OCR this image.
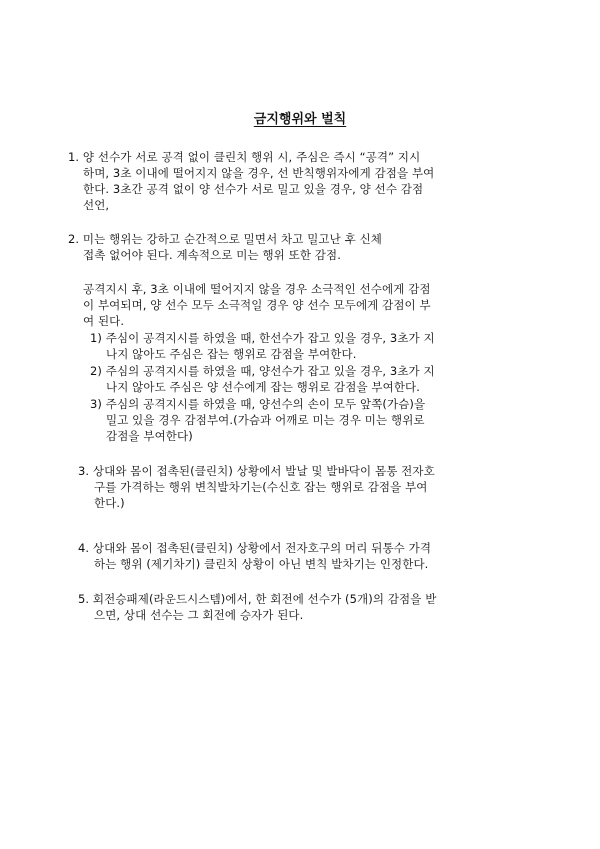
금지행위와 벌칙
1. 양 선수가 서로 공격 없이 클린치 행위 시, 주심은 즉시 “공격” 지시
하며, 3초 이내에 떨어지지 않을 경우, 선 반칙행위자에게 감점을 부여
한다. 3초간 공격 없이 양 선수가 서로 밀고 있을 경우, 양 선수 감점
선언,
2. 미는 행위는 강하고 순간적으로 밀면서 차고 밀고난 후 신체
접촉 없어야 된다. 계속적으로 미는 행위 또한 감점.
공격지시 후, 3초 이내에 떨어지지 않을 경우 소극적인 선수에게 감점
이 부여되며, 양 선수 모두 소극적일 경우 양 선수 모두에게 감점이 부
여 된다.
1) 주심이 공격지시를 하였을 때, 한선수가 잡고 있을 경우, 3초가 지
나지 않아도 주심은 잡는 행위로 감점을 부여한다.
2) 주심의 공격지시를 하였을 때, 양선수가 잡고 있을 경우, 3초가 지
나지 않아도 주심은 양 선수에게 잡는 행위로 감점을 부여한다.
3) 주심의 공격지시를 하였을 때, 양선수의 손이 모두 앞쪽(가슴)을
밀고 있을 경우 감점부여.(가슴과 어깨로 미는 경우 미는 행위로
감점을 부여한다)
3. 상대와 몸이 접촉된(클린치) 상황에서 발날 및 발바닥이 몸통 전자호
구를 가격하는 행위 변칙발차기는(수신호 잡는 행위로 감점을 부여
한다.)
4. 상대와 몸이 접촉된(클린치) 상황에서 전자호구의 머리 뒤통수 가격
하는 행위 (제기차기) 클린치 상황이 아닌 변칙 발차기는 인정한다.
5. 회전승패제(라운드시스템)에서, 한 회전에 선수가 (5개)의 감점을 받
으면, 상대 선수는 그 회전에 승자가 된다.
